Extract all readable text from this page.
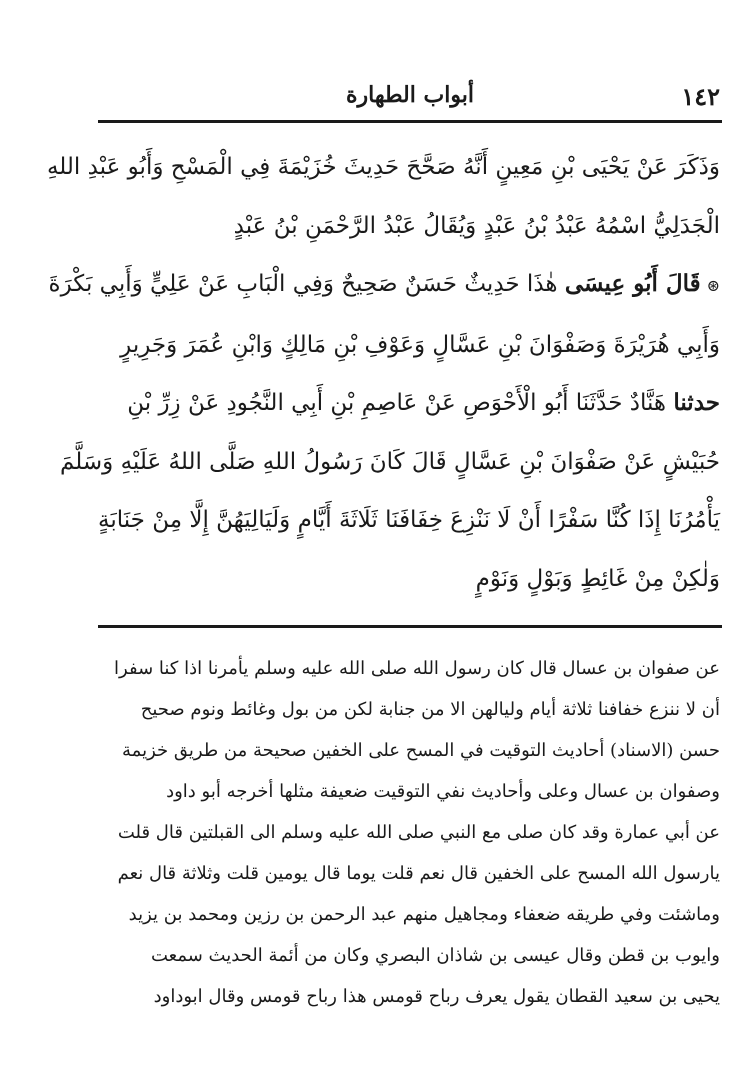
١٤٢
أبواب الطهارة
وَذَكَرَ عَنْ يَحْيَى بْنِ مَعِينٍ أَنَّهُ صَحَّحَ حَدِيثَ خُزَيْمَةَ فِي الْمَسْحِ وَأَبُو عَبْدِ اللهِ
الْجَدَلِيُّ اسْمُهُ عَبْدُ بْنُ عَبْدٍ وَيُقَالُ عَبْدُ الرَّحْمَنِ بْنُ عَبْدٍ
⊛قَالَ أَبُو عِيسَى هٰذَا حَدِيثٌ حَسَنٌ صَحِيحٌ وَفِي الْبَابِ عَنْ عَلِيٍّ وَأَبِي بَكْرَةَ
وَأَبِي هُرَيْرَةَ وَصَفْوَانَ بْنِ عَسَّالٍ وَعَوْفِ بْنِ مَالِكٍ وَابْنِ عُمَرَ وَجَرِيرٍ
حدثنا هَنَّادٌ حَدَّثَنَا أَبُو الْأَحْوَصِ عَنْ عَاصِمِ بْنِ أَبِي النَّجُودِ عَنْ زِرِّ بْنِ
حُبَيْشٍ عَنْ صَفْوَانَ بْنِ عَسَّالٍ قَالَ كَانَ رَسُولُ اللهِ صَلَّى اللهُ عَلَيْهِ وَسَلَّمَ
يَأْمُرُنَا إِذَا كُنَّا سَفْرًا أَنْ لَا نَنْزِعَ خِفَافَنَا ثَلَاثَةَ أَيَّامٍ وَلَيَالِيَهُنَّ إِلَّا مِنْ جَنَابَةٍ
وَلٰكِنْ مِنْ غَائِطٍ وَبَوْلٍ وَنَوْمٍ
عن صفوان بن عسال قال كان رسول الله صلى الله عليه وسلم يأمرنا اذا كنا سفرا
أن لا ننزع خفافنا ثلاثة أيام وليالهن الا من جنابة لكن من بول وغائط ونوم صحيح
حسن (الاسناد) أحاديث التوقيت في المسح على الخفين صحيحة من طريق خزيمة
وصفوان بن عسال وعلى وأحاديث نفي التوقيت ضعيفة مثلها أخرجه أبو داود
عن أبي عمارة وقد كان صلى مع النبي صلى الله عليه وسلم الى القبلتين قال قلت
يارسول الله المسح على الخفين قال نعم قلت يوما قال يومين قلت وثلاثة قال نعم
وماشئت وفي طريقه ضعفاء ومجاهيل منهم عبد الرحمن بن رزين ومحمد بن يزيد
وايوب بن قطن وقال عيسى بن شاذان البصري وكان من أئمة الحديث سمعت
يحيى بن سعيد القطان يقول يعرف رباح قومس هذا رباح قومس وقال ابوداود
